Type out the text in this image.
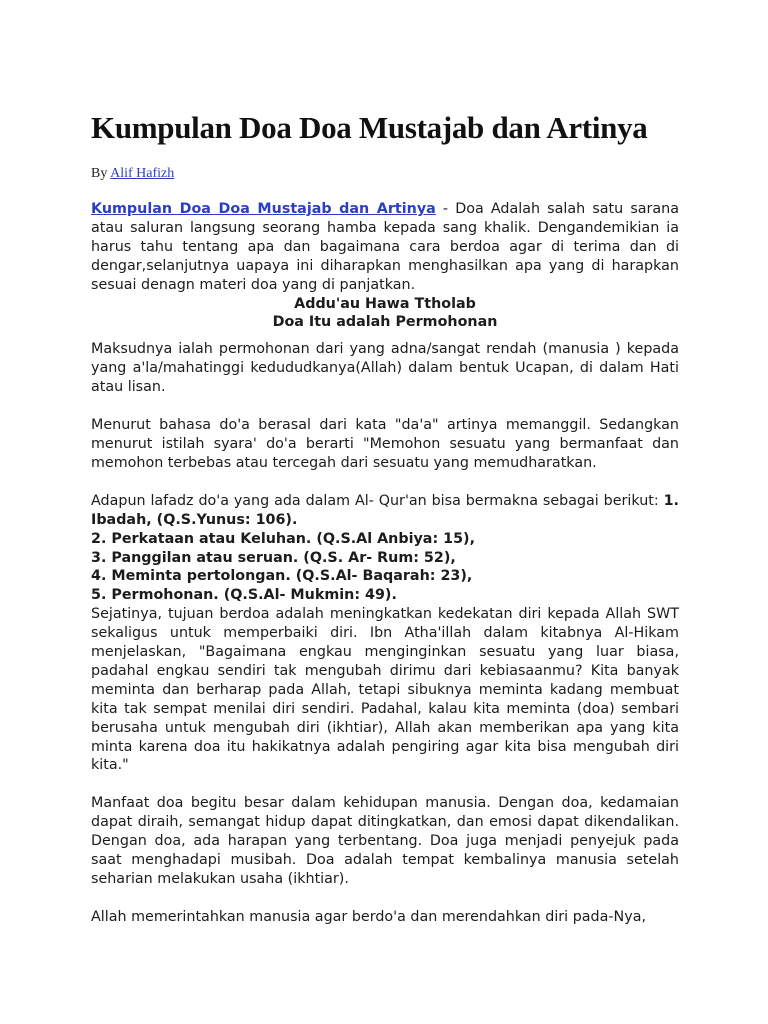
Kumpulan Doa Doa Mustajab dan Artinya

By Alif Hafizh

Kumpulan Doa Doa Mustajab dan Artinya - Doa Adalah salah satu sarana atau saluran langsung seorang hamba kepada sang khalik. Dengandemikian ia harus tahu tentang apa dan bagaimana cara berdoa agar di terima dan di dengar,selanjutnya uapaya ini diharapkan menghasilkan apa yang di harapkan sesuai denagn materi doa yang di panjatkan.

Addu'au Hawa Ttholab

Doa Itu adalah Permohonan

Maksudnya ialah permohonan dari yang adna/sangat rendah (manusia ) kepada yang a'la/mahatinggi kedududkanya(Allah) dalam bentuk Ucapan, di dalam Hati atau lisan.

Menurut bahasa do'a berasal dari kata "da'a" artinya memanggil. Sedangkan menurut istilah syara' do'a berarti "Memohon sesuatu yang bermanfaat dan memohon terbebas atau tercegah dari sesuatu yang memudharatkan.

Adapun lafadz do'a yang ada dalam Al- Qur'an bisa bermakna sebagai berikut: 1. Ibadah, (Q.S.Yunus: 106).

2. Perkataan atau Keluhan. (Q.S.Al Anbiya: 15),

3. Panggilan atau seruan. (Q.S. Ar- Rum: 52),

4. Meminta pertolongan. (Q.S.Al- Baqarah: 23),

5. Permohonan. (Q.S.Al- Mukmin: 49).

Sejatinya, tujuan berdoa adalah meningkatkan kedekatan diri kepada Allah SWT sekaligus untuk memperbaiki diri. Ibn Atha'illah dalam kitabnya Al-Hikam menjelaskan, "Bagaimana engkau menginginkan sesuatu yang luar biasa, padahal engkau sendiri tak mengubah dirimu dari kebiasaanmu? Kita banyak meminta dan berharap pada Allah, tetapi sibuknya meminta kadang membuat kita tak sempat menilai diri sendiri. Padahal, kalau kita meminta (doa) sembari berusaha untuk mengubah diri (ikhtiar), Allah akan memberikan apa yang kita minta karena doa itu hakikatnya adalah pengiring agar kita bisa mengubah diri kita."

Manfaat doa begitu besar dalam kehidupan manusia. Dengan doa, kedamaian dapat diraih, semangat hidup dapat ditingkatkan, dan emosi dapat dikendalikan. Dengan doa, ada harapan yang terbentang. Doa juga menjadi penyejuk pada saat menghadapi musibah. Doa adalah tempat kembalinya manusia setelah seharian melakukan usaha (ikhtiar).

Allah memerintahkan manusia agar berdo'a dan merendahkan diri pada-Nya,
